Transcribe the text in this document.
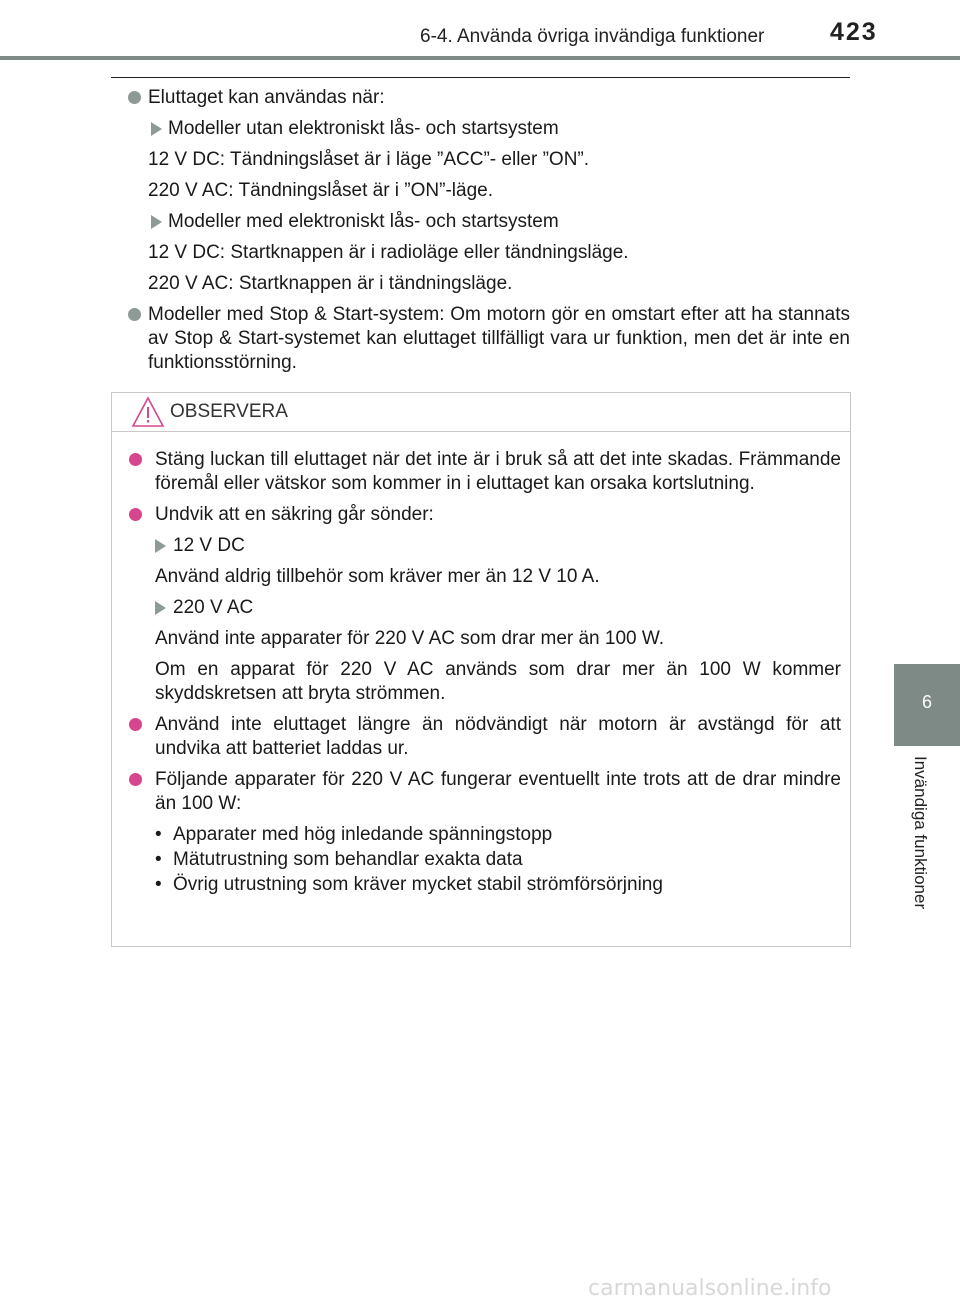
6-4. Använda övriga invändiga funktioner	423
6
Invändiga funktioner
Eluttaget kan användas när:
Modeller utan elektroniskt lås- och startsystem
12 V DC: Tändningslåset är i läge ”ACC”- eller ”ON”.
220 V AC: Tändningslåset är i ”ON”-läge.
Modeller med elektroniskt lås- och startsystem
12 V DC: Startknappen är i radioläge eller tändningsläge.
220 V AC: Startknappen är i tändningsläge.
Modeller med Stop & Start-system: Om motorn gör en omstart efter att ha stannats av Stop & Start-systemet kan eluttaget tillfälligt vara ur funktion, men det är inte en funktionsstörning.
OBSERVERA
Stäng luckan till eluttaget när det inte är i bruk så att det inte skadas. Främmande föremål eller vätskor som kommer in i eluttaget kan orsaka kortslutning.
Undvik att en säkring går sönder:
12 V DC
Använd aldrig tillbehör som kräver mer än 12 V 10 A.
220 V AC
Använd inte apparater för 220 V AC som drar mer än 100 W.
Om en apparat för 220 V AC används som drar mer än 100 W kommer skyddskretsen att bryta strömmen.
Använd inte eluttaget längre än nödvändigt när motorn är avstängd för att undvika att batteriet laddas ur.
Följande apparater för 220 V AC fungerar eventuellt inte trots att de drar mindre än 100 W:
• Apparater med hög inledande spänningstopp
• Mätutrustning som behandlar exakta data
• Övrig utrustning som kräver mycket stabil strömförsörjning
carmanualsonline.info
